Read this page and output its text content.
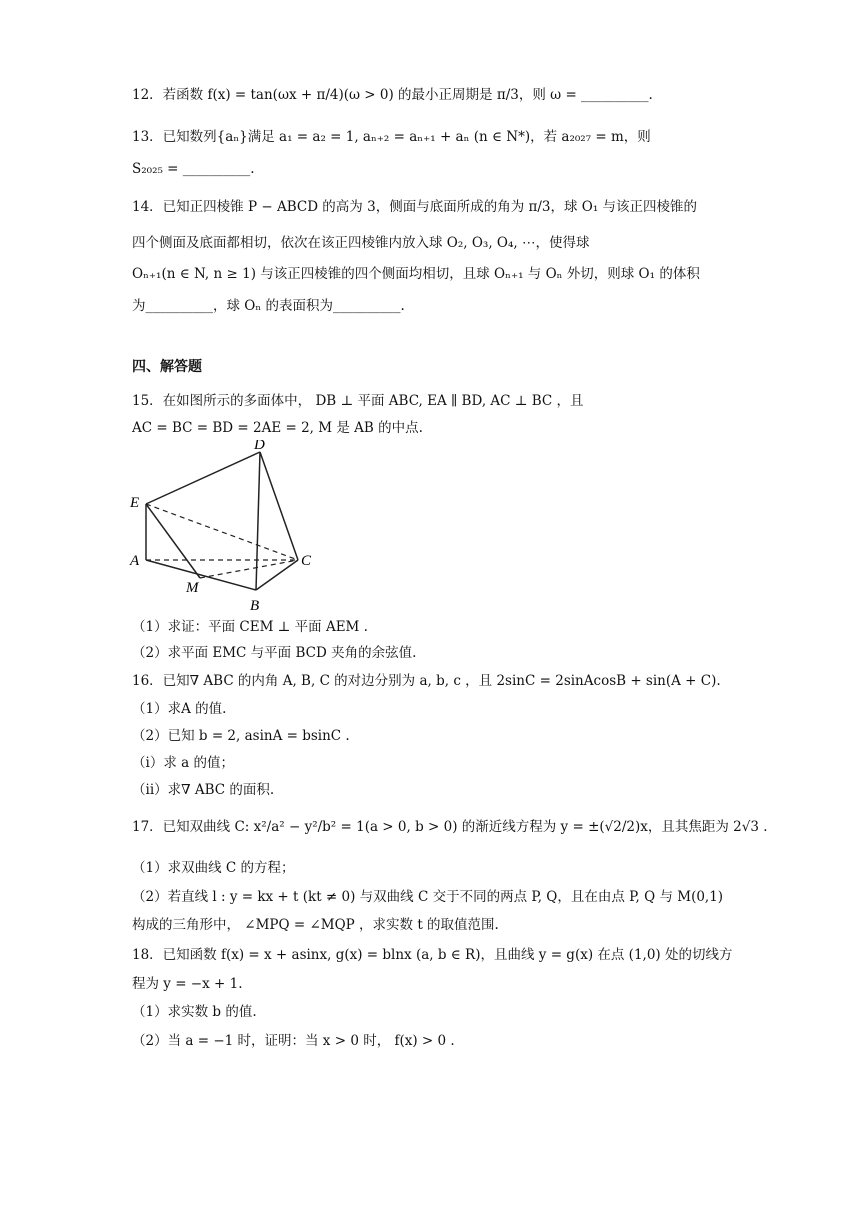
12．若函数 f(x) = tan(ωx + π/4)(ω > 0) 的最小正周期是 π/3，则 ω = __________.
13．已知数列{aₙ}满足 a₁ = a₂ = 1, aₙ₊₂ = aₙ₊₁ + aₙ (n ∈ N*)，若 a₂₀₂₇ = m，则
S₂₀₂₅ = __________.
14．已知正四棱锥 P − ABCD 的高为 3，侧面与底面所成的角为 π/3，球 O₁ 与该正四棱锥的
四个侧面及底面都相切，依次在该正四棱锥内放入球 O₂, O₃, O₄, ⋯，使得球
Oₙ₊₁(n ∈ N, n ≥ 1) 与该正四棱锥的四个侧面均相切，且球 Oₙ₊₁ 与 Oₙ 外切，则球 O₁ 的体积
为__________，球 Oₙ 的表面积为__________.
四、解答题
15．在如图所示的多面体中， DB ⊥ 平面 ABC, EA ∥ BD, AC ⊥ BC ，且
AC = BC = BD = 2AE = 2, M 是 AB 的中点.
D
E
A	C
M
B
（1）求证：平面 CEM ⊥ 平面 AEM .
（2）求平面 EMC 与平面 BCD 夹角的余弦值.
16．已知∇ ABC 的内角 A, B, C 的对边分别为 a, b, c ，且 2sinC = 2sinAcosB + sin(A + C).
（1）求A 的值.
（2）已知 b = 2, asinA = bsinC .
（i）求 a 的值；
（ii）求∇ ABC 的面积.
17．已知双曲线 C: x²/a² − y²/b² = 1(a > 0, b > 0) 的渐近线方程为 y = ±(√2/2)x，且其焦距为 2√3 .
（1）求双曲线 C 的方程；
（2）若直线 l : y = kx + t (kt ≠ 0) 与双曲线 C 交于不同的两点 P, Q，且在由点 P, Q 与 M(0,1)
构成的三角形中， ∠MPQ = ∠MQP ，求实数 t 的取值范围.
18．已知函数 f(x) = x + asinx, g(x) = blnx (a, b ∈ R)，且曲线 y = g(x) 在点 (1,0) 处的切线方
程为 y = −x + 1.
（1）求实数 b 的值.
（2）当 a = −1 时，证明：当 x > 0 时， f(x) > 0 .
